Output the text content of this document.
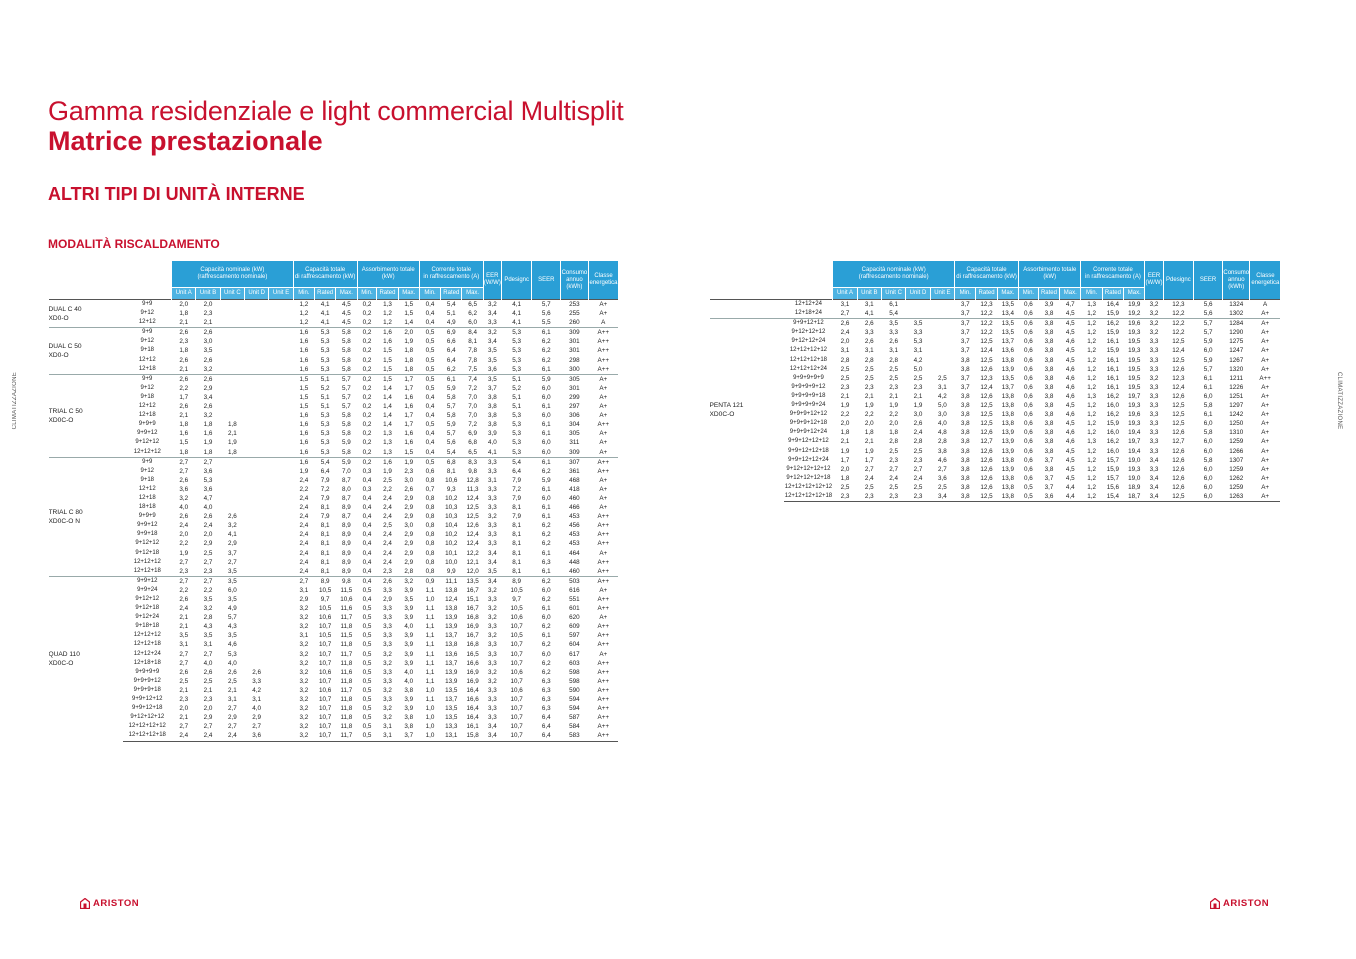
Gamma residenziale e light commercial Multisplit
Matrice prestazionale
ALTRI TIPI DI UNITÀ INTERNE
MODALITÀ RISCALDAMENTO
CLIMATIZZAZIONE	CLIMATIZZAZIONE
		Capacità nominale (kW)
(raffrescamento nominale)					Capacità totale
di raffrescamento (kW)			Assorbimento totale
(kW)			Corrente totale
in raffrescamento (A)			EER
(W/W)	Pdesignc	SEER	Consumo
annuo
(kWh)	Classe
energetica
		Unit A	Unit B	Unit C	Unit D	Unit E	Min.	Rated	Max.	Min.	Rated	Max.	Min.	Rated	Max.					
DUAL C 40
XD0-O	9+9	2,0	2,0				1,2	4,1	4,5	0,2	1,3	1,5	0,4	5,4	6,5	3,2	4,1	5,7	253	A+
	9+12	1,8	2,3				1,2	4,1	4,5	0,2	1,2	1,5	0,4	5,1	6,2	3,4	4,1	5,6	255	A+
	12+12	2,1	2,1				1,2	4,1	4,5	0,2	1,2	1,4	0,4	4,9	6,0	3,3	4,1	5,5	260	A
DUAL C 50
XD0-O	9+9	2,6	2,6				1,6	5,3	5,8	0,2	1,6	2,0	0,5	6,9	8,4	3,2	5,3	6,1	309	A++
	9+12	2,3	3,0				1,6	5,3	5,8	0,2	1,6	1,9	0,5	6,6	8,1	3,4	5,3	6,2	301	A++
	9+18	1,8	3,5				1,6	5,3	5,8	0,2	1,5	1,8	0,5	6,4	7,8	3,5	5,3	6,2	301	A++
	12+12	2,6	2,6				1,6	5,3	5,8	0,2	1,5	1,8	0,5	6,4	7,8	3,5	5,3	6,2	298	A++
	12+18	2,1	3,2				1,6	5,3	5,8	0,2	1,5	1,8	0,5	6,2	7,5	3,6	5,3	6,1	300	A++
TRIAL C 50
XD0C-O	9+9	2,6	2,6				1,5	5,1	5,7	0,2	1,5	1,7	0,5	6,1	7,4	3,5	5,1	5,9	305	A+
	9+12	2,2	2,9				1,5	5,2	5,7	0,2	1,4	1,7	0,5	5,9	7,2	3,7	5,2	6,0	301	A+
	9+18	1,7	3,4				1,5	5,1	5,7	0,2	1,4	1,6	0,4	5,8	7,0	3,8	5,1	6,0	299	A+
	12+12	2,6	2,6				1,5	5,1	5,7	0,2	1,4	1,6	0,4	5,7	7,0	3,8	5,1	6,1	297	A+
	12+18	2,1	3,2				1,6	5,3	5,8	0,2	1,4	1,7	0,4	5,8	7,0	3,8	5,3	6,0	306	A+
	9+9+9	1,8	1,8	1,8			1,6	5,3	5,8	0,2	1,4	1,7	0,5	5,9	7,2	3,8	5,3	6,1	304	A++
	9+9+12	1,6	1,6	2,1			1,6	5,3	5,8	0,2	1,3	1,6	0,4	5,7	6,9	3,9	5,3	6,1	305	A+
	9+12+12	1,5	1,9	1,9			1,6	5,3	5,9	0,2	1,3	1,6	0,4	5,6	6,8	4,0	5,3	6,0	311	A+
	12+12+12	1,8	1,8	1,8			1,6	5,3	5,8	0,2	1,3	1,5	0,4	5,4	6,5	4,1	5,3	6,0	309	A+
TRIAL C 80
XD0C-O N	9+9	2,7	2,7				1,6	5,4	5,9	0,2	1,6	1,9	0,5	6,8	8,3	3,3	5,4	6,1	307	A++
	9+12	2,7	3,6				1,9	6,4	7,0	0,3	1,9	2,3	0,6	8,1	9,8	3,3	6,4	6,2	361	A++
	9+18	2,6	5,3				2,4	7,9	8,7	0,4	2,5	3,0	0,8	10,6	12,8	3,1	7,9	5,9	468	A+
	12+12	3,6	3,6				2,2	7,2	8,0	0,3	2,2	2,6	0,7	9,3	11,3	3,3	7,2	6,1	418	A+
	12+18	3,2	4,7				2,4	7,9	8,7	0,4	2,4	2,9	0,8	10,2	12,4	3,3	7,9	6,0	460	A+
	18+18	4,0	4,0				2,4	8,1	8,9	0,4	2,4	2,9	0,8	10,3	12,5	3,3	8,1	6,1	466	A+
	9+9+9	2,6	2,6	2,6			2,4	7,9	8,7	0,4	2,4	2,9	0,8	10,3	12,5	3,2	7,9	6,1	453	A++
	9+9+12	2,4	2,4	3,2			2,4	8,1	8,9	0,4	2,5	3,0	0,8	10,4	12,6	3,3	8,1	6,2	456	A++
	9+9+18	2,0	2,0	4,1			2,4	8,1	8,9	0,4	2,4	2,9	0,8	10,2	12,4	3,3	8,1	6,2	453	A++
	9+12+12	2,2	2,9	2,9			2,4	8,1	8,9	0,4	2,4	2,9	0,8	10,2	12,4	3,3	8,1	6,2	453	A++
	9+12+18	1,9	2,5	3,7			2,4	8,1	8,9	0,4	2,4	2,9	0,8	10,1	12,2	3,4	8,1	6,1	464	A+
	12+12+12	2,7	2,7	2,7			2,4	8,1	8,9	0,4	2,4	2,9	0,8	10,0	12,1	3,4	8,1	6,3	448	A++
	12+12+18	2,3	2,3	3,5			2,4	8,1	8,9	0,4	2,3	2,8	0,8	9,9	12,0	3,5	8,1	6,1	460	A++
QUAD 110
XD0C-O	9+9+12	2,7	2,7	3,5			2,7	8,9	9,8	0,4	2,6	3,2	0,9	11,1	13,5	3,4	8,9	6,2	503	A++
	9+9+24	2,2	2,2	6,0			3,1	10,5	11,5	0,5	3,3	3,9	1,1	13,8	16,7	3,2	10,5	6,0	616	A+
	9+12+12	2,6	3,5	3,5			2,9	9,7	10,6	0,4	2,9	3,5	1,0	12,4	15,1	3,3	9,7	6,2	551	A++
	9+12+18	2,4	3,2	4,9			3,2	10,5	11,6	0,5	3,3	3,9	1,1	13,8	16,7	3,2	10,5	6,1	601	A++
	9+12+24	2,1	2,8	5,7			3,2	10,6	11,7	0,5	3,3	3,9	1,1	13,9	16,8	3,2	10,6	6,0	620	A+
	9+18+18	2,1	4,3	4,3			3,2	10,7	11,8	0,5	3,3	4,0	1,1	13,9	16,9	3,3	10,7	6,2	609	A++
	12+12+12	3,5	3,5	3,5			3,1	10,5	11,5	0,5	3,3	3,9	1,1	13,7	16,7	3,2	10,5	6,1	597	A++
	12+12+18	3,1	3,1	4,6			3,2	10,7	11,8	0,5	3,3	3,9	1,1	13,8	16,8	3,3	10,7	6,2	604	A++
	12+12+24	2,7	2,7	5,3			3,2	10,7	11,7	0,5	3,2	3,9	1,1	13,6	16,5	3,3	10,7	6,0	617	A+
	12+18+18	2,7	4,0	4,0			3,2	10,7	11,8	0,5	3,2	3,9	1,1	13,7	16,6	3,3	10,7	6,2	603	A++
	9+9+9+9	2,6	2,6	2,6	2,6		3,2	10,6	11,6	0,5	3,3	4,0	1,1	13,9	16,9	3,2	10,6	6,2	598	A++
	9+9+9+12	2,5	2,5	2,5	3,3		3,2	10,7	11,8	0,5	3,3	4,0	1,1	13,9	16,9	3,2	10,7	6,3	598	A++
	9+9+9+18	2,1	2,1	2,1	4,2		3,2	10,6	11,7	0,5	3,2	3,8	1,0	13,5	16,4	3,3	10,6	6,3	590	A++
	9+9+12+12	2,3	2,3	3,1	3,1		3,2	10,7	11,8	0,5	3,3	3,9	1,1	13,7	16,6	3,3	10,7	6,3	594	A++
	9+9+12+18	2,0	2,0	2,7	4,0		3,2	10,7	11,8	0,5	3,2	3,9	1,0	13,5	16,4	3,3	10,7	6,3	594	A++
	9+12+12+12	2,1	2,9	2,9	2,9		3,2	10,7	11,8	0,5	3,2	3,8	1,0	13,5	16,4	3,3	10,7	6,4	587	A++
	12+12+12+12	2,7	2,7	2,7	2,7		3,2	10,7	11,8	0,5	3,1	3,8	1,0	13,3	16,1	3,4	10,7	6,4	584	A++
	12+12+12+18	2,4	2,4	2,4	3,6		3,2	10,7	11,7	0,5	3,1	3,7	1,0	13,1	15,8	3,4	10,7	6,4	583	A++
		Capacità nominale (kW)
(raffrescamento nominale)					Capacità totale
di raffrescamento (kW)			Assorbimento totale
(kW)			Corrente totale
in raffrescamento (A)			EER
(W/W)	Pdesignc	SEER	Consumo
annuo
(kWh)	Classe
energetica
		Unit A	Unit B	Unit C	Unit D	Unit E	Min.	Rated	Max.	Min.	Rated	Max.	Min.	Rated	Max.					
	12+12+24	3,1	3,1	6,1			3,7	12,3	13,5	0,6	3,9	4,7	1,3	16,4	19,9	3,2	12,3	5,6	1324	A
	12+18+24	2,7	4,1	5,4			3,7	12,2	13,4	0,6	3,8	4,5	1,2	15,9	19,2	3,2	12,2	5,6	1302	A+
PENTA 121
XD0C-O	9+9+12+12	2,6	2,6	3,5	3,5		3,7	12,2	13,5	0,6	3,8	4,5	1,2	16,2	19,6	3,2	12,2	5,7	1284	A+
	9+12+12+12	2,4	3,3	3,3	3,3		3,7	12,2	13,5	0,6	3,8	4,5	1,2	15,9	19,3	3,2	12,2	5,7	1290	A+
	9+12+12+24	2,0	2,6	2,6	5,3		3,7	12,5	13,7	0,6	3,8	4,6	1,2	16,1	19,5	3,3	12,5	5,9	1275	A+
	12+12+12+12	3,1	3,1	3,1	3,1		3,7	12,4	13,6	0,6	3,8	4,5	1,2	15,9	19,3	3,3	12,4	6,0	1247	A+
	12+12+12+18	2,8	2,8	2,8	4,2		3,8	12,5	13,8	0,6	3,8	4,5	1,2	16,1	19,5	3,3	12,5	5,9	1267	A+
	12+12+12+24	2,5	2,5	2,5	5,0		3,8	12,6	13,9	0,6	3,8	4,6	1,2	16,1	19,5	3,3	12,6	5,7	1320	A+
	9+9+9+9+9	2,5	2,5	2,5	2,5	2,5	3,7	12,3	13,5	0,6	3,8	4,6	1,2	16,1	19,5	3,2	12,3	6,1	1211	A++
	9+9+9+9+12	2,3	2,3	2,3	2,3	3,1	3,7	12,4	13,7	0,6	3,8	4,6	1,2	16,1	19,5	3,3	12,4	6,1	1226	A+
	9+9+9+9+18	2,1	2,1	2,1	2,1	4,2	3,8	12,6	13,8	0,6	3,8	4,6	1,3	16,2	19,7	3,3	12,6	6,0	1251	A+
	9+9+9+9+24	1,9	1,9	1,9	1,9	5,0	3,8	12,5	13,8	0,6	3,8	4,5	1,2	16,0	19,3	3,3	12,5	5,8	1297	A+
	9+9+9+12+12	2,2	2,2	2,2	3,0	3,0	3,8	12,5	13,8	0,6	3,8	4,6	1,2	16,2	19,6	3,3	12,5	6,1	1242	A+
	9+9+9+12+18	2,0	2,0	2,0	2,6	4,0	3,8	12,5	13,8	0,6	3,8	4,5	1,2	15,9	19,3	3,3	12,5	6,0	1250	A+
	9+9+9+12+24	1,8	1,8	1,8	2,4	4,8	3,8	12,6	13,9	0,6	3,8	4,6	1,2	16,0	19,4	3,3	12,6	5,8	1310	A+
	9+9+12+12+12	2,1	2,1	2,8	2,8	2,8	3,8	12,7	13,9	0,6	3,8	4,6	1,3	16,2	19,7	3,3	12,7	6,0	1259	A+
	9+9+12+12+18	1,9	1,9	2,5	2,5	3,8	3,8	12,6	13,9	0,6	3,8	4,5	1,2	16,0	19,4	3,3	12,6	6,0	1266	A+
	9+9+12+12+24	1,7	1,7	2,3	2,3	4,6	3,8	12,6	13,8	0,6	3,7	4,5	1,2	15,7	19,0	3,4	12,6	5,8	1307	A+
	9+12+12+12+12	2,0	2,7	2,7	2,7	2,7	3,8	12,6	13,9	0,6	3,8	4,5	1,2	15,9	19,3	3,3	12,6	6,0	1259	A+
	9+12+12+12+18	1,8	2,4	2,4	2,4	3,6	3,8	12,6	13,8	0,6	3,7	4,5	1,2	15,7	19,0	3,4	12,6	6,0	1262	A+
	12+12+12+12+12	2,5	2,5	2,5	2,5	2,5	3,8	12,6	13,8	0,5	3,7	4,4	1,2	15,6	18,9	3,4	12,6	6,0	1259	A+
	12+12+12+12+18	2,3	2,3	2,3	2,3	3,4	3,8	12,5	13,8	0,5	3,6	4,4	1,2	15,4	18,7	3,4	12,5	6,0	1263	A+
ARISTON	ARISTON
